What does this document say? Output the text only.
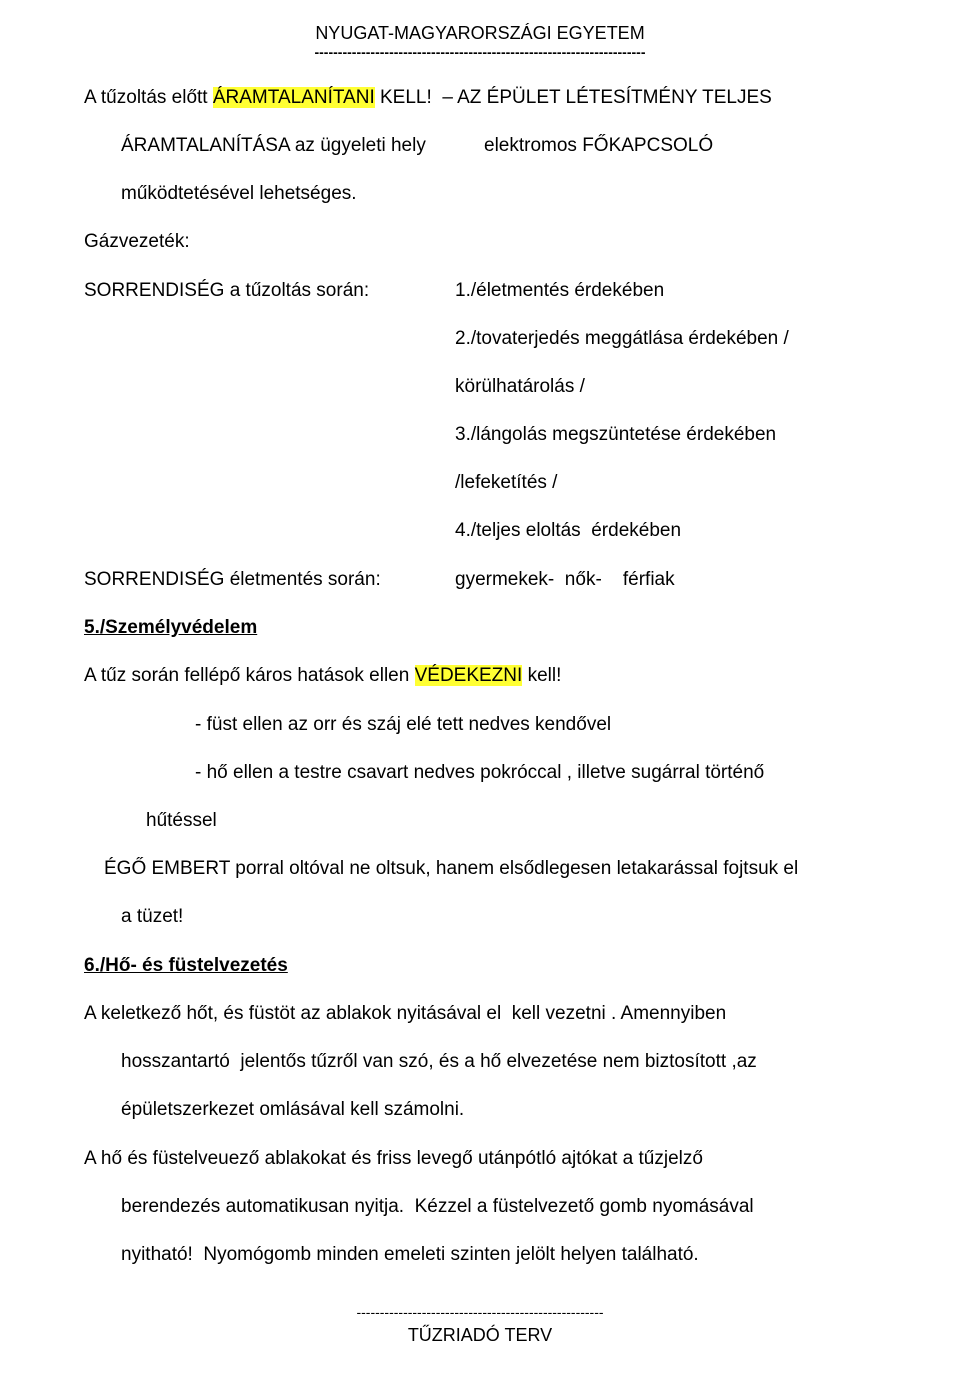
NYUGAT-MAGYARORSZÁGI EGYETEM
-----------------------------------------------------------------------
A tűzoltás előtt ÁRAMTALANÍTANI KELL!  – AZ ÉPÜLET LÉTESÍTMÉNY TELJES
ÁRAMTALANÍTÁSA az ügyeleti hely	elektromos FŐKAPCSOLÓ
működtetésével lehetséges.
Gázvezeték:
SORRENDISÉG a tűzoltás során:	1./életmentés érdekében
2./tovaterjedés meggátlása érdekében /
körülhatárolás /
3./lángolás megszüntetése érdekében
/lefeketítés /
4./teljes eloltás  érdekében
SORRENDISÉG életmentés során:	gyermekek-  nők-    férfiak
5./Személyvédelem
A tűz során fellépő káros hatások ellen VÉDEKEZNI kell!
- füst ellen az orr és száj elé tett nedves kendővel
- hő ellen a testre csavart nedves pokróccal , illetve sugárral történő
hűtéssel
ÉGŐ EMBERT porral oltóval ne oltsuk, hanem elsődlegesen letakarással fojtsuk el
a tüzet!
6./Hő- és füstelvezetés
A keletkező hőt, és füstöt az ablakok nyitásával el  kell vezetni . Amennyiben
hosszantartó  jelentős tűzről van szó, és a hő elvezetése nem biztosított ,az
épületszerkezet omlásával kell számolni.
A hő és füstelveuező ablakokat és friss levegő utánpótló ajtókat a tűzjelző
berendezés automatikusan nyitja.  Kézzel a füstelvezető gomb nyomásával
nyitható!  Nyomógomb minden emeleti szinten jelölt helyen található.
-----------------------------------------------------
TŰZRIADÓ TERV
